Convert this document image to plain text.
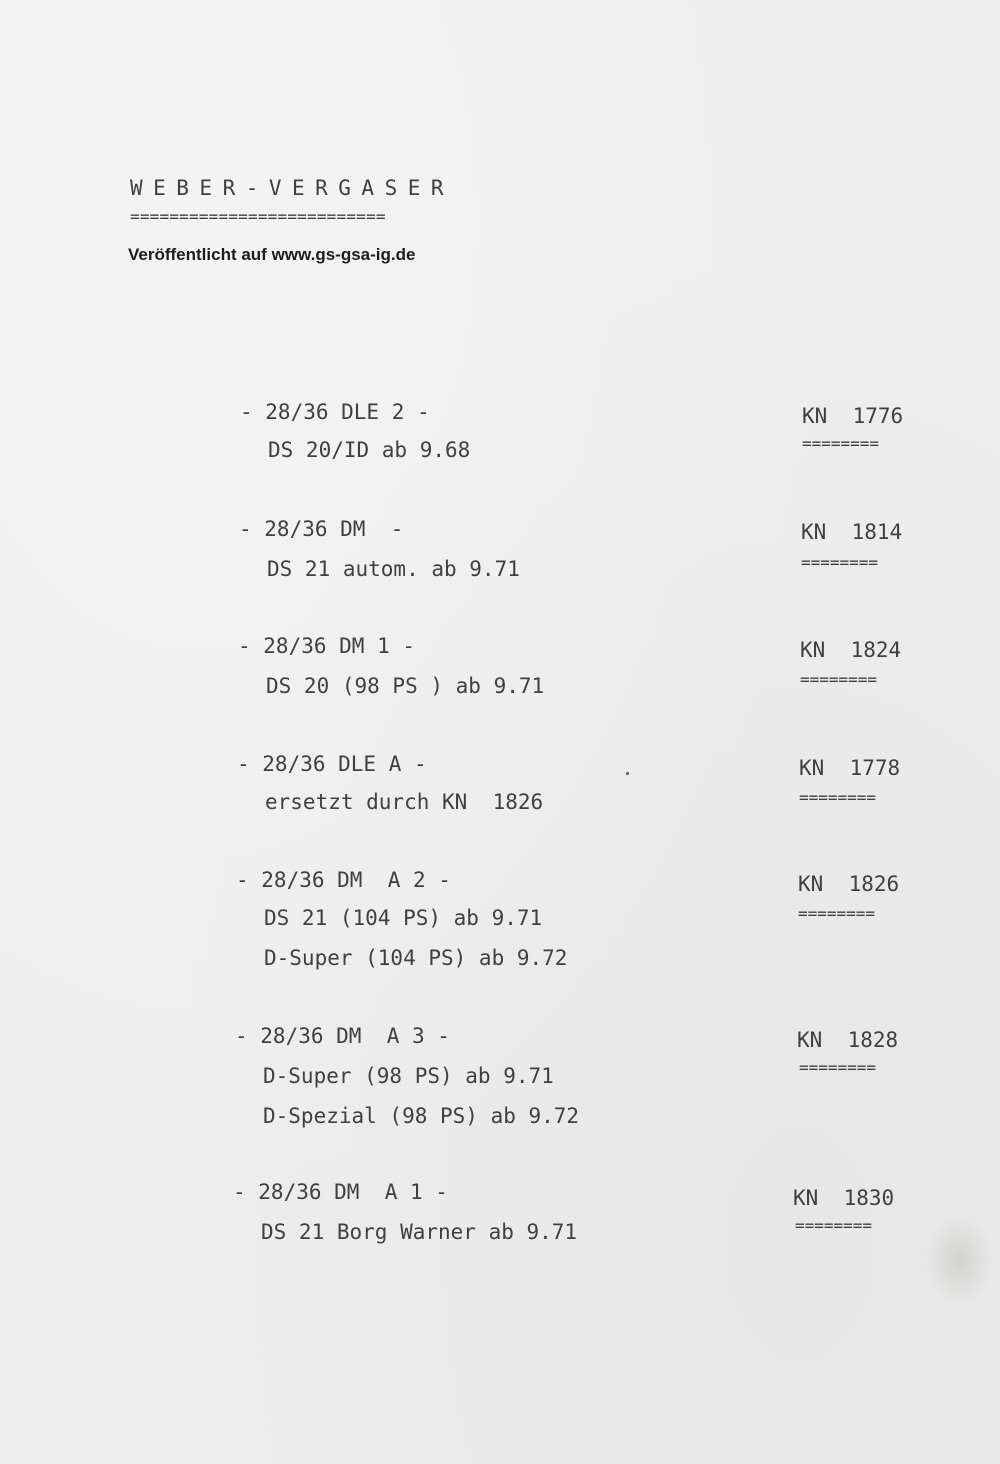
WEBER-VERGASER
==========================
Veröffentlicht auf www.gs-gsa-ig.de
- 28/36 DLE 2 -
DS 20/ID ab 9.68
KN  1776
========
- 28/36 DM  -
DS 21 autom. ab 9.71
KN  1814
========
- 28/36 DM 1 -
DS 20 (98 PS ) ab 9.71
KN  1824
========
- 28/36 DLE A -
ersetzt durch KN  1826
KN  1778
========
- 28/36 DM  A 2 -
DS 21 (104 PS) ab 9.71
D-Super (104 PS) ab 9.72
KN  1826
========
- 28/36 DM  A 3 -
D-Super (98 PS) ab 9.71
D-Spezial (98 PS) ab 9.72
KN  1828
========
- 28/36 DM  A 1 -
DS 21 Borg Warner ab 9.71
KN  1830
========
